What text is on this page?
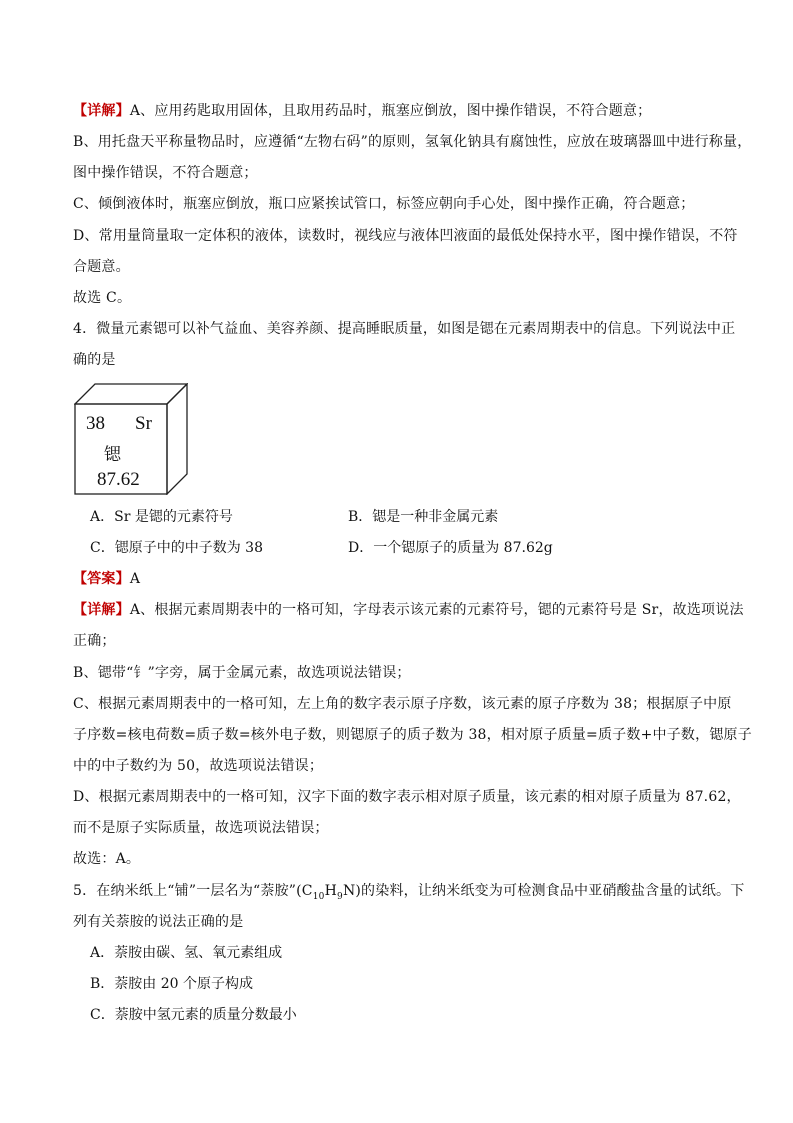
【详解】A、应用药匙取用固体，且取用药品时，瓶塞应倒放，图中操作错误，不符合题意；
B、用托盘天平称量物品时，应遵循“左物右码”的原则，氢氧化钠具有腐蚀性，应放在玻璃器皿中进行称量，
图中操作错误，不符合题意；
C、倾倒液体时，瓶塞应倒放，瓶口应紧挨试管口，标签应朝向手心处，图中操作正确，符合题意；
D、常用量筒量取一定体积的液体，读数时，视线应与液体凹液面的最低处保持水平，图中操作错误，不符
合题意。
故选 C。
4．微量元素锶可以补气益血、美容养颜、提高睡眠质量，如图是锶在元素周期表中的信息。下列说法中正
确的是
38 Sr
锶
87.62
A．Sr 是锶的元素符号	B．锶是一种非金属元素
C．锶原子中的中子数为 38	D．一个锶原子的质量为 87.62g
【答案】A
【详解】A、根据元素周期表中的一格可知，字母表示该元素的元素符号，锶的元素符号是 Sr，故选项说法
正确；
B、锶带“钅”字旁，属于金属元素，故选项说法错误；
C、根据元素周期表中的一格可知，左上角的数字表示原子序数，该元素的原子序数为 38；根据原子中原
子序数=核电荷数=质子数=核外电子数，则锶原子的质子数为 38，相对原子质量=质子数+中子数，锶原子
中的中子数约为 50，故选项说法错误；
D、根据元素周期表中的一格可知，汉字下面的数字表示相对原子质量，该元素的相对原子质量为 87.62，
而不是原子实际质量，故选项说法错误；
故选：A。
5．在纳米纸上“铺”一层名为“萘胺$”(C_{10}H_9N)$的染料，让纳米纸变为可检测食品中亚硝酸盐含量的试纸。下
列有关萘胺的说法正确的是
A．萘胺由碳、氢、氧元素组成
B．萘胺由 20 个原子构成
C．萘胺中氢元素的质量分数最小
